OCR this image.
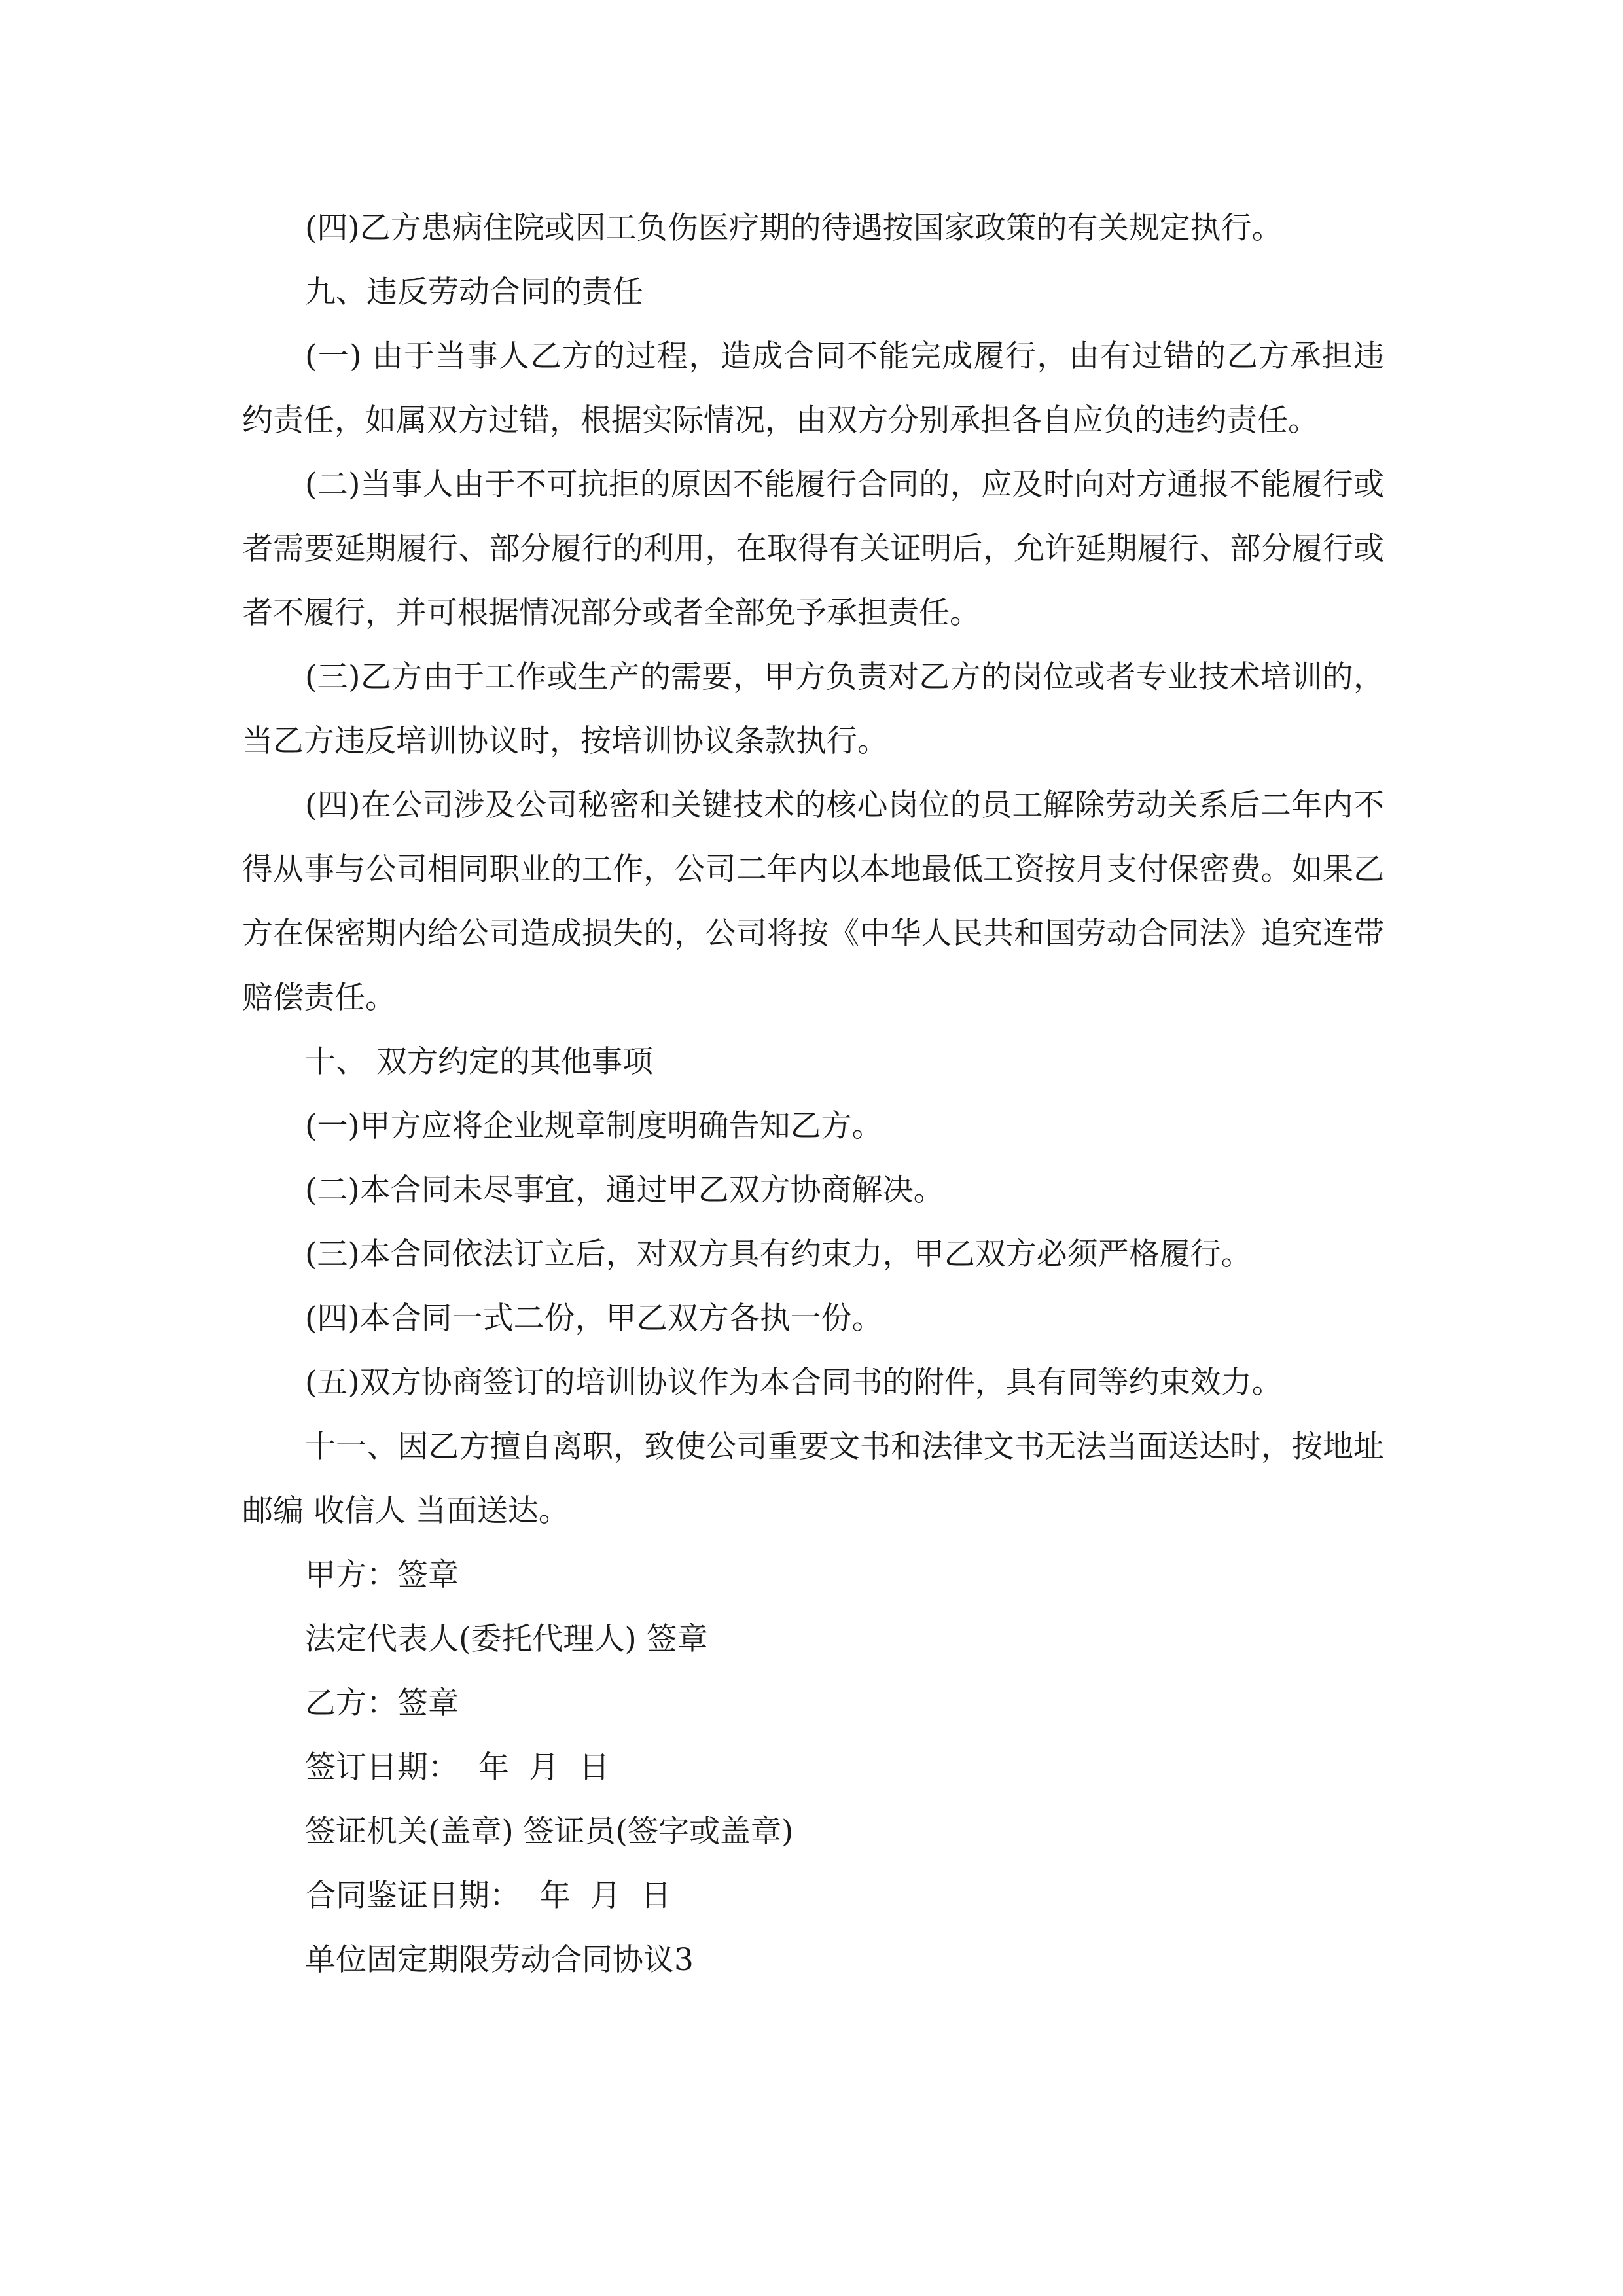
(四)乙方患病住院或因工负伤医疗期的待遇按国家政策的有关规定执行。

九、违反劳动合同的责任

(一) 由于当事人乙方的过程，造成合同不能完成履行，由有过错的乙方承担违约责任，如属双方过错，根据实际情况，由双方分别承担各自应负的违约责任。

(二)当事人由于不可抗拒的原因不能履行合同的，应及时向对方通报不能履行或者需要延期履行、部分履行的利用，在取得有关证明后，允许延期履行、部分履行或者不履行，并可根据情况部分或者全部免予承担责任。

(三)乙方由于工作或生产的需要，甲方负责对乙方的岗位或者专业技术培训的，当乙方违反培训协议时，按培训协议条款执行。

(四)在公司涉及公司秘密和关键技术的核心岗位的员工解除劳动关系后二年内不得从事与公司相同职业的工作，公司二年内以本地最低工资按月支付保密费。如果乙方在保密期内给公司造成损失的，公司将按《中华人民共和国劳动合同法》追究连带赔偿责任。

十、 双方约定的其他事项

(一)甲方应将企业规章制度明确告知乙方。

(二)本合同未尽事宜，通过甲乙双方协商解决。

(三)本合同依法订立后，对双方具有约束力，甲乙双方必须严格履行。

(四)本合同一式二份，甲乙双方各执一份。

(五)双方协商签订的培训协议作为本合同书的附件，具有同等约束效力。

十一、因乙方擅自离职，致使公司重要文书和法律文书无法当面送达时，按地址 邮编 收信人 当面送达。

甲方：签章

法定代表人(委托代理人) 签章

乙方：签章

签订日期：  年  月  日

签证机关(盖章) 签证员(签字或盖章)

合同鉴证日期：  年  月  日

单位固定期限劳动合同协议3
